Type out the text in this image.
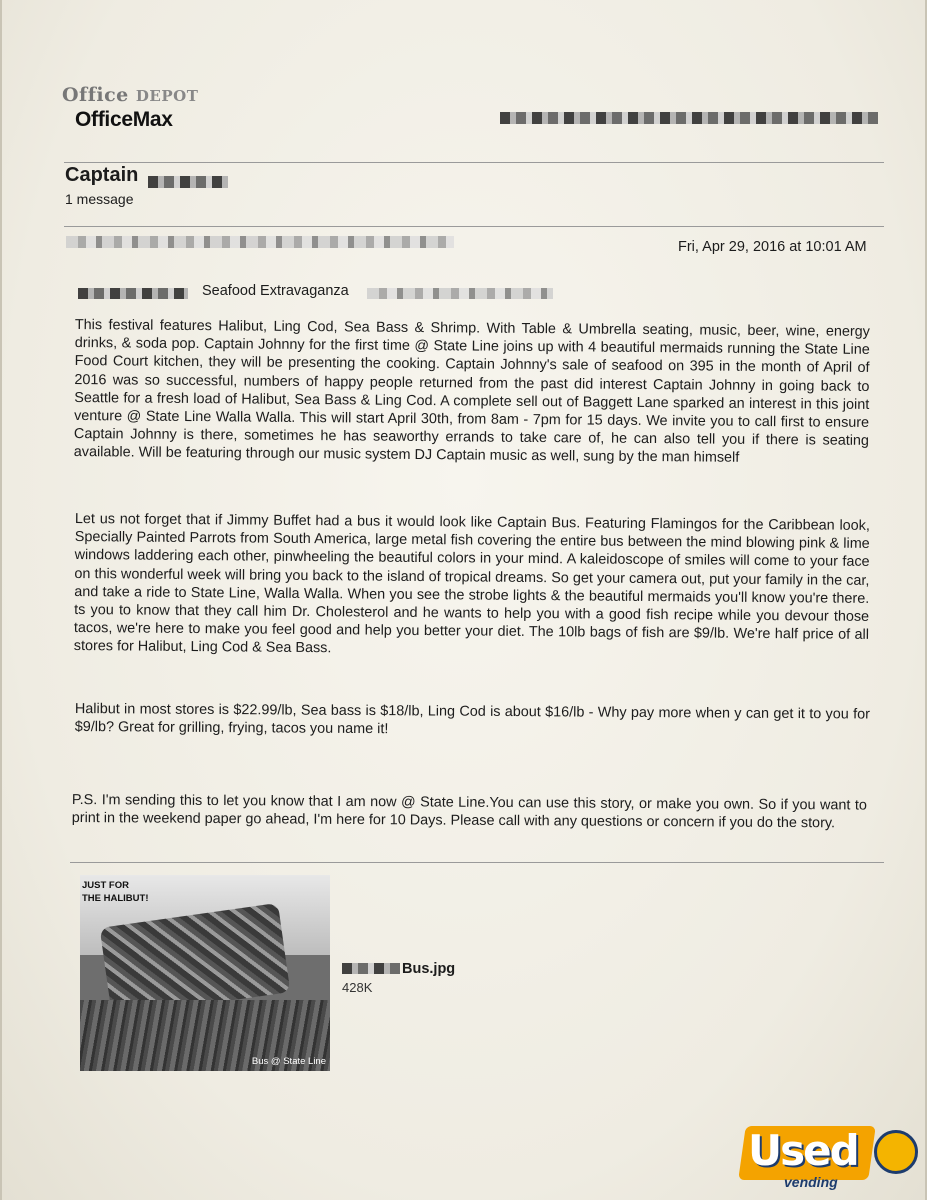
Office DEPOT
OfficeMax
Captain
1 message
Fri, Apr 29, 2016 at 10:01 AM
Seafood Extravaganza
This festival features Halibut, Ling Cod, Sea Bass & Shrimp. With Table & Umbrella seating, music, beer, wine, energy drinks, & soda pop. Captain Johnny for the first time @ State Line joins up with 4 beautiful mermaids running the State Line Food Court kitchen, they will be presenting the cooking. Captain Johnny's sale of seafood on 395 in the month of April of 2016 was so successful, numbers of happy people returned from the past did interest Captain Johnny in going back to Seattle for a fresh load of Halibut, Sea Bass & Ling Cod. A complete sell out of Baggett Lane sparked an interest in this joint venture @ State Line Walla Walla. This will start April 30th, from 8am - 7pm for 15 days. We invite you to call first to ensure Captain Johnny is there, sometimes he has seaworthy errands to take care of, he can also tell you if there is seating available. Will be featuring through our music system DJ Captain music as well, sung by the man himself
Let us not forget that if Jimmy Buffet had a bus it would look like Captain Bus. Featuring Flamingos for the Caribbean look, Specially Painted Parrots from South America, large metal fish covering the entire bus between the mind blowing pink & lime windows laddering each other, pinwheeling the beautiful colors in your mind. A kaleidoscope of smiles will come to your face on this wonderful week will bring you back to the island of tropical dreams. So get your camera out, put your family in the car, and take a ride to State Line, Walla Walla. When you see the strobe lights & the beautiful mermaids you'll know you're there. ts you to know that they call him Dr. Cholesterol and he wants to help you with a good fish recipe while you devour those tacos, we're here to make you feel good and help you better your diet. The 10lb bags of fish are $9/lb. We're half price of all stores for Halibut, Ling Cod & Sea Bass.
Halibut in most stores is $22.99/lb, Sea bass is $18/lb, Ling Cod is about $16/lb - Why pay more when y can get it to you for $9/lb? Great for grilling, frying, tacos you name it!
P.S. I'm sending this to let you know that I am now @ State Line.You can use this story, or make you own. So if you want to print in the weekend paper go ahead, I'm here for 10 Days. Please call with any questions or concern if you do the story.
JUST FOR
THE HALIBUT!
Bus @ State Line
Bus.jpg
428K
Used
vending
